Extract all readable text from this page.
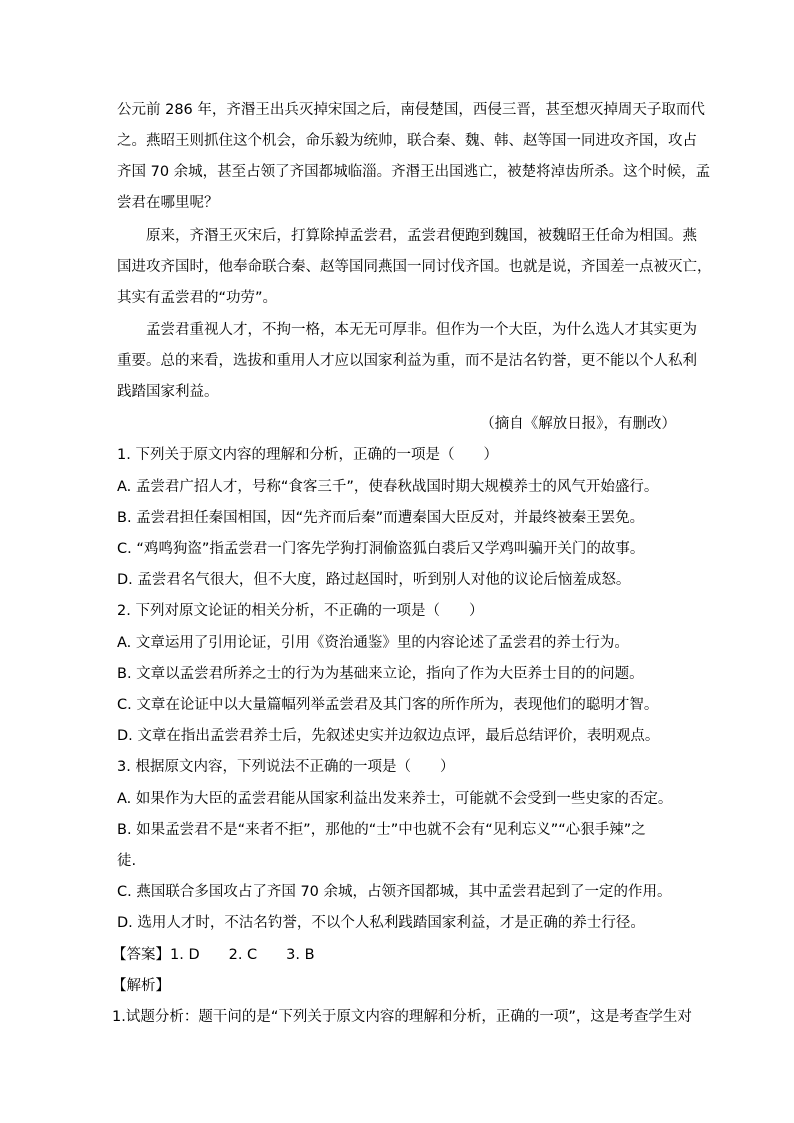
公元前 286 年，齐湣王出兵灭掉宋国之后，南侵楚国，西侵三晋，甚至想灭掉周天子取而代
之。燕昭王则抓住这个机会，命乐毅为统帅，联合秦、魏、韩、赵等国一同进攻齐国，攻占
齐国 70 余城，甚至占领了齐国都城临淄。齐湣王出国逃亡，被楚将淖齿所杀。这个时候，孟
尝君在哪里呢？
原来，齐湣王灭宋后，打算除掉孟尝君，孟尝君便跑到魏国，被魏昭王任命为相国。燕
国进攻齐国时，他奉命联合秦、赵等国同燕国一同讨伐齐国。也就是说，齐国差一点被灭亡，
其实有孟尝君的“功劳”。
孟尝君重视人才，不拘一格，本无无可厚非。但作为一个大臣，为什么选人才其实更为
重要。总的来看，选拔和重用人才应以国家利益为重，而不是沽名钓誉，更不能以个人私利
践踏国家利益。
（摘自《解放日报》，有删改）
1. 下列关于原文内容的理解和分析，正确的一项是（　　）
A. 孟尝君广招人才，号称“食客三千”，使春秋战国时期大规模养士的风气开始盛行。
B. 孟尝君担任秦国相国，因“先齐而后秦”而遭秦国大臣反对，并最终被秦王罢免。
C. “鸡鸣狗盗”指孟尝君一门客先学狗打洞偷盗狐白裘后又学鸡叫骗开关门的故事。
D. 孟尝君名气很大，但不大度，路过赵国时，听到别人对他的议论后恼羞成怒。
2. 下列对原文论证的相关分析，不正确的一项是（　　）
A. 文章运用了引用论证，引用《资治通鉴》里的内容论述了孟尝君的养士行为。
B. 文章以孟尝君所养之士的行为为基础来立论，指向了作为大臣养士目的的问题。
C. 文章在论证中以大量篇幅列举孟尝君及其门客的所作所为，表现他们的聪明才智。
D. 文章在指出孟尝君养士后，先叙述史实并边叙边点评，最后总结评价，表明观点。
3. 根据原文内容，下列说法不正确的一项是（　　）
A. 如果作为大臣的孟尝君能从国家利益出发来养士，可能就不会受到一些史家的否定。
B. 如果孟尝君不是“来者不拒”，那他的“士”中也就不会有“见利忘义”“心狠手辣”之
徒.
C. 燕国联合多国攻占了齐国 70 余城，占领齐国都城，其中孟尝君起到了一定的作用。
D. 选用人才时，不沽名钓誉，不以个人私利践踏国家利益，才是正确的养士行径。
【答案】1. D　　2. C　　3. B
【解析】
1.试题分析：题干问的是“下列关于原文内容的理解和分析，正确的一项”，这是考查学生对
